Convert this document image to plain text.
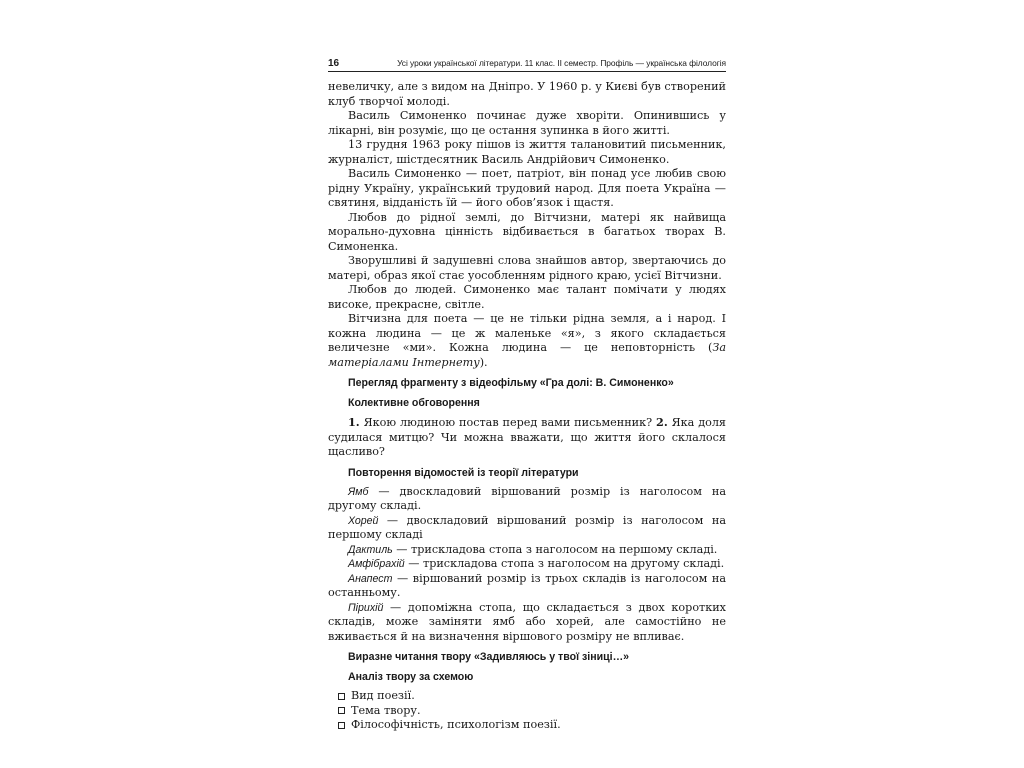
16	Усі уроки української літератури. 11 клас. ІІ семестр. Профіль — українська філологія

невеличку, але з видом на Дніпро. У 1960 р. у Києві був створений клуб творчої молоді.

Василь Симоненко починає дуже хворіти. Опинившись у лікарні, він розуміє, що це остання зупинка в його житті.

13 грудня 1963 року пішов із життя талановитий письменник, журналіст, шістдесятник Василь Андрійович Симоненко.

Василь Симоненко — поет, патріот, він понад усе любив свою рідну Україну, український трудовий народ. Для поета Україна — святиня, відданість їй — його обов’язок і щастя.

Любов до рідної землі, до Вітчизни, матері як найвища морально-духовна цінність відбивається в багатьох творах В. Симоненка.

Зворушливі й задушевні слова знайшов автор, звертаючись до матері, образ якої стає уособленням рідного краю, усієї Вітчизни.

Любов до людей. Симоненко має талант помічати у людях високе, прекрасне, світле.

Вітчизна для поета — це не тільки рідна земля, а і народ. І кожна людина — це ж маленьке «я», з якого складається величезне «ми». Кожна людина — це неповторність (За матеріалами Інтернету).

Перегляд фрагменту з відеофільму «Гра долі: В. Симоненко»
Колективне обговорення

1. Якою людиною постав перед вами письменник? 2. Яка доля судилася митцю? Чи можна вважати, що життя його склалося щасливо?

Повторення відомостей із теорії літератури

Ямб — двоскладовий віршований розмір із наголосом на другому складі.

Хорей — двоскладовий віршований розмір із наголосом на першому складі

Дактиль — трискладова стопа з наголосом на першому складі.

Амфібрахій — трискладова стопа з наголосом на другому складі.

Анапест — віршований розмір із трьох складів із наголосом на останньому.

Пірихій — допоміжна стопа, що складається з двох коротких складів, може заміняти ямб або хорей, але самостійно не вживається й на визначення віршового розміру не впливає.

Виразне читання твору «Задивляюсь у твої зіниці…»
Аналіз твору за схемою
Вид поезії.
Тема твору.
Філософічність, психологізм поезії.
